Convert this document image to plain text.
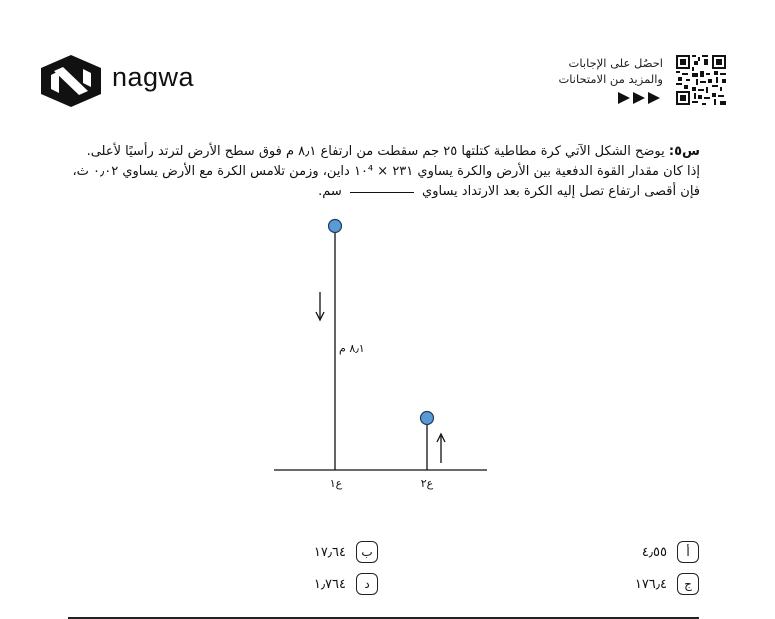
nagwa	احصُل على الإجابات
والمزيد من الامتحانات
س٥: يوضح الشكل الآتي كرة مطاطية كتلتها ٢٥ جم سقطت من ارتفاع ٨٫١ م فوق سطح الأرض لترتد رأسيًا لأعلى.
إذا كان مقدار القوة الدفعية بين الأرض والكرة يساوي ٢٣١ × ١٠⁴ داين، وزمن تلامس الكرة مع الأرض يساوي ٠٫٠٢ ث،
فإن أقصى ارتفاع تصل إليه الكرة بعد الارتداد يساوي  سم.
٨٫١ م
ع١	ع٢
أ
٤٫٥٥
ب
١٧٫٦٤
ج
١٧٦٫٤
د
١٫٧٦٤
